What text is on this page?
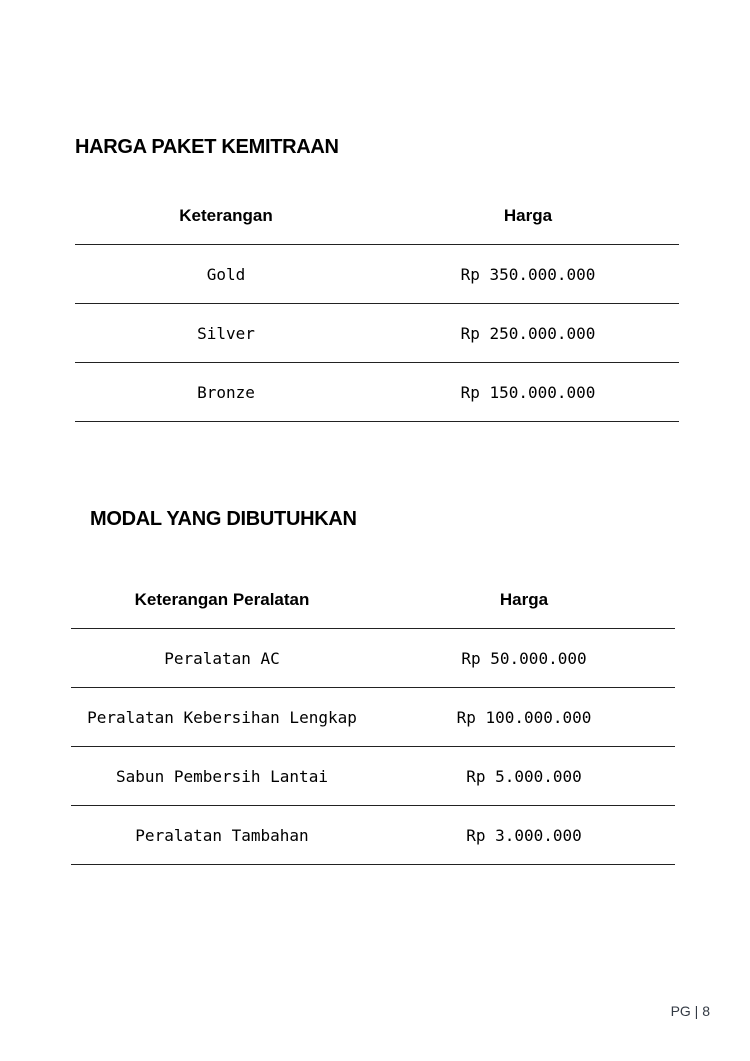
HARGA PAKET KEMITRAAN
Keterangan	Harga
Gold	Rp 350.000.000
Silver	Rp 250.000.000
Bronze	Rp 150.000.000
MODAL YANG DIBUTUHKAN
Keterangan Peralatan	Harga
Peralatan AC	Rp 50.000.000
Peralatan Kebersihan Lengkap	Rp 100.000.000
Sabun Pembersih Lantai	Rp 5.000.000
Peralatan Tambahan	Rp 3.000.000
PG | 8
